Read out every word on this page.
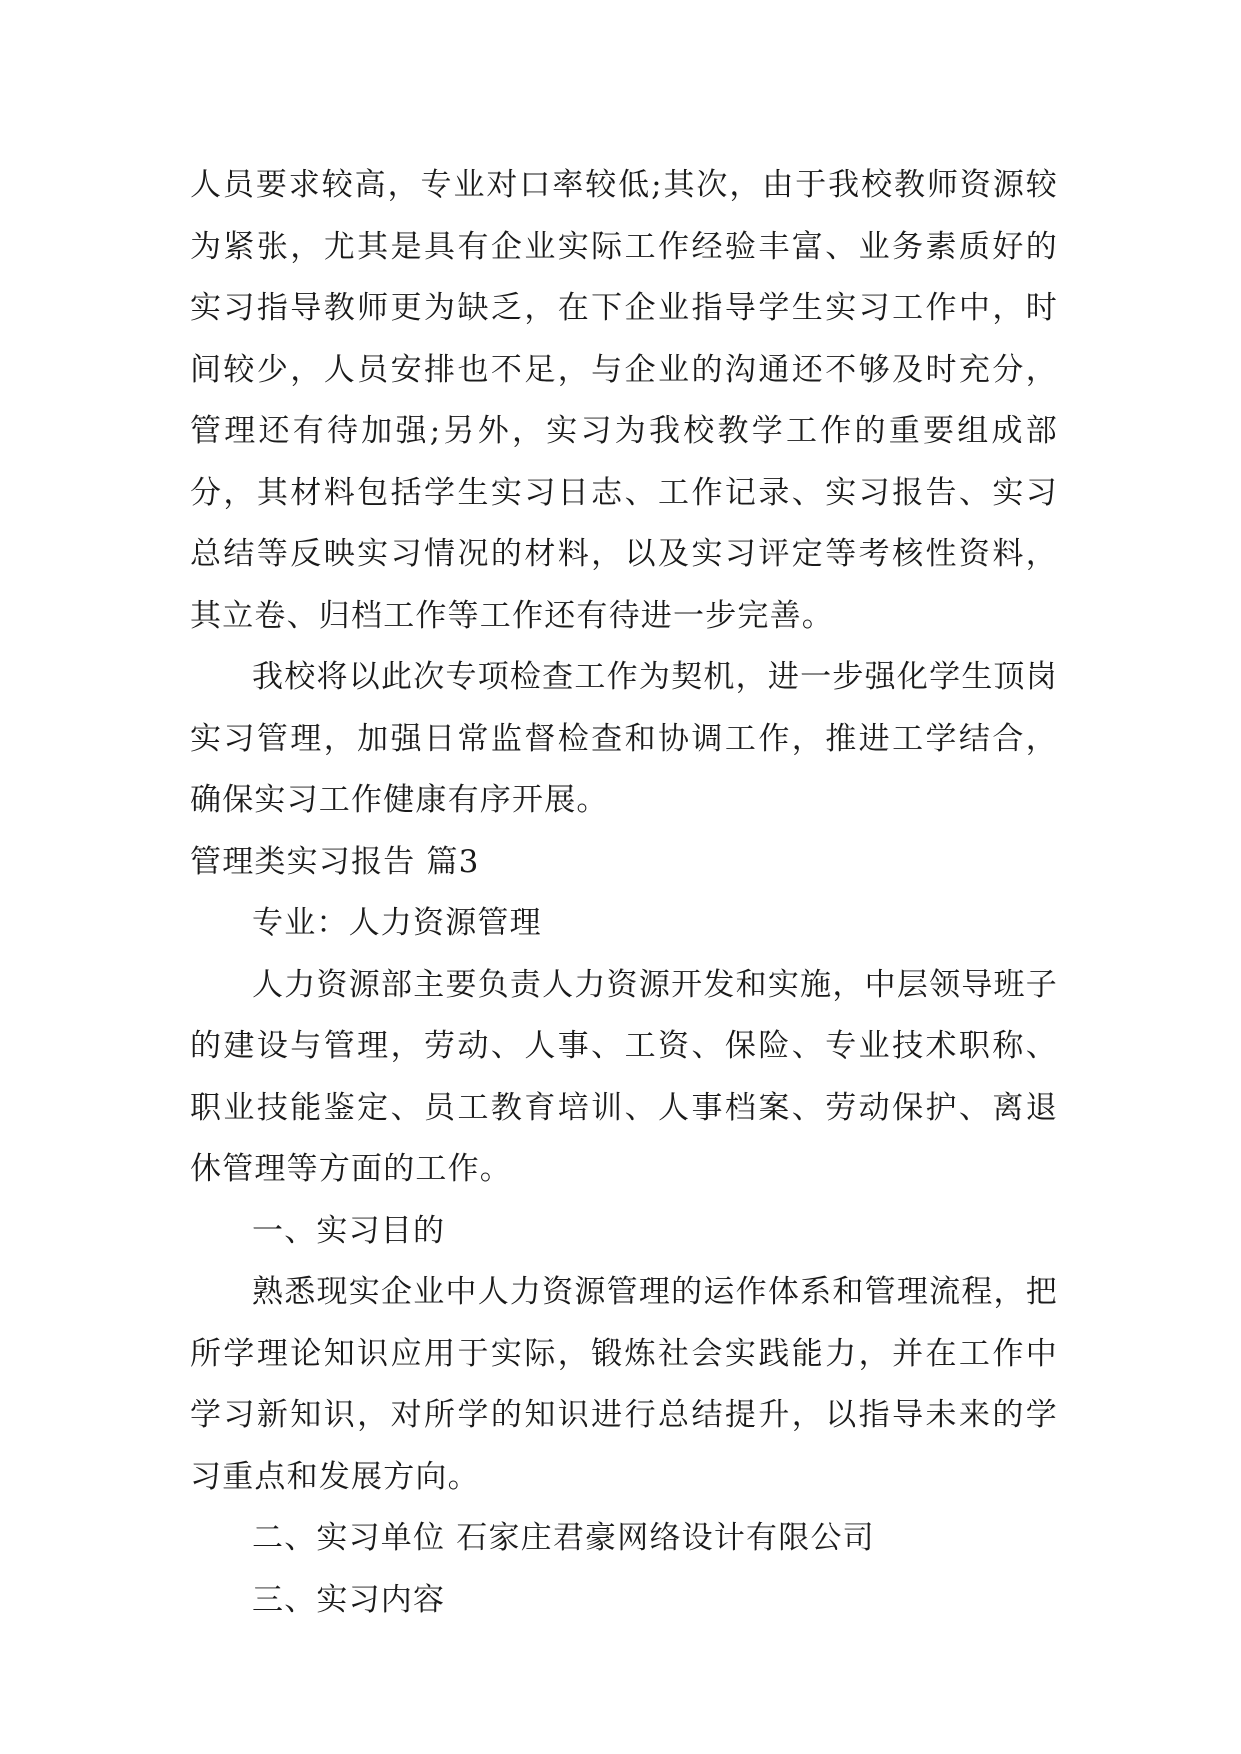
人员要求较高，专业对口率较低;其次，由于我校教师资源较为紧张，尤其是具有企业实际工作经验丰富、业务素质好的实习指导教师更为缺乏，在下企业指导学生实习工作中，时间较少，人员安排也不足，与企业的沟通还不够及时充分，管理还有待加强;另外，实习为我校教学工作的重要组成部分，其材料包括学生实习日志、工作记录、实习报告、实习总结等反映实习情况的材料，以及实习评定等考核性资料，其立卷、归档工作等工作还有待进一步完善。

我校将以此次专项检查工作为契机，进一步强化学生顶岗实习管理，加强日常监督检查和协调工作，推进工学结合，确保实习工作健康有序开展。

管理类实习报告 篇3

专业：人力资源管理

人力资源部主要负责人力资源开发和实施，中层领导班子的建设与管理，劳动、人事、工资、保险、专业技术职称、职业技能鉴定、员工教育培训、人事档案、劳动保护、离退休管理等方面的工作。

一、实习目的

熟悉现实企业中人力资源管理的运作体系和管理流程，把所学理论知识应用于实际，锻炼社会实践能力，并在工作中学习新知识，对所学的知识进行总结提升，以指导未来的学习重点和发展方向。

二、实习单位 石家庄君豪网络设计有限公司

三、实习内容
